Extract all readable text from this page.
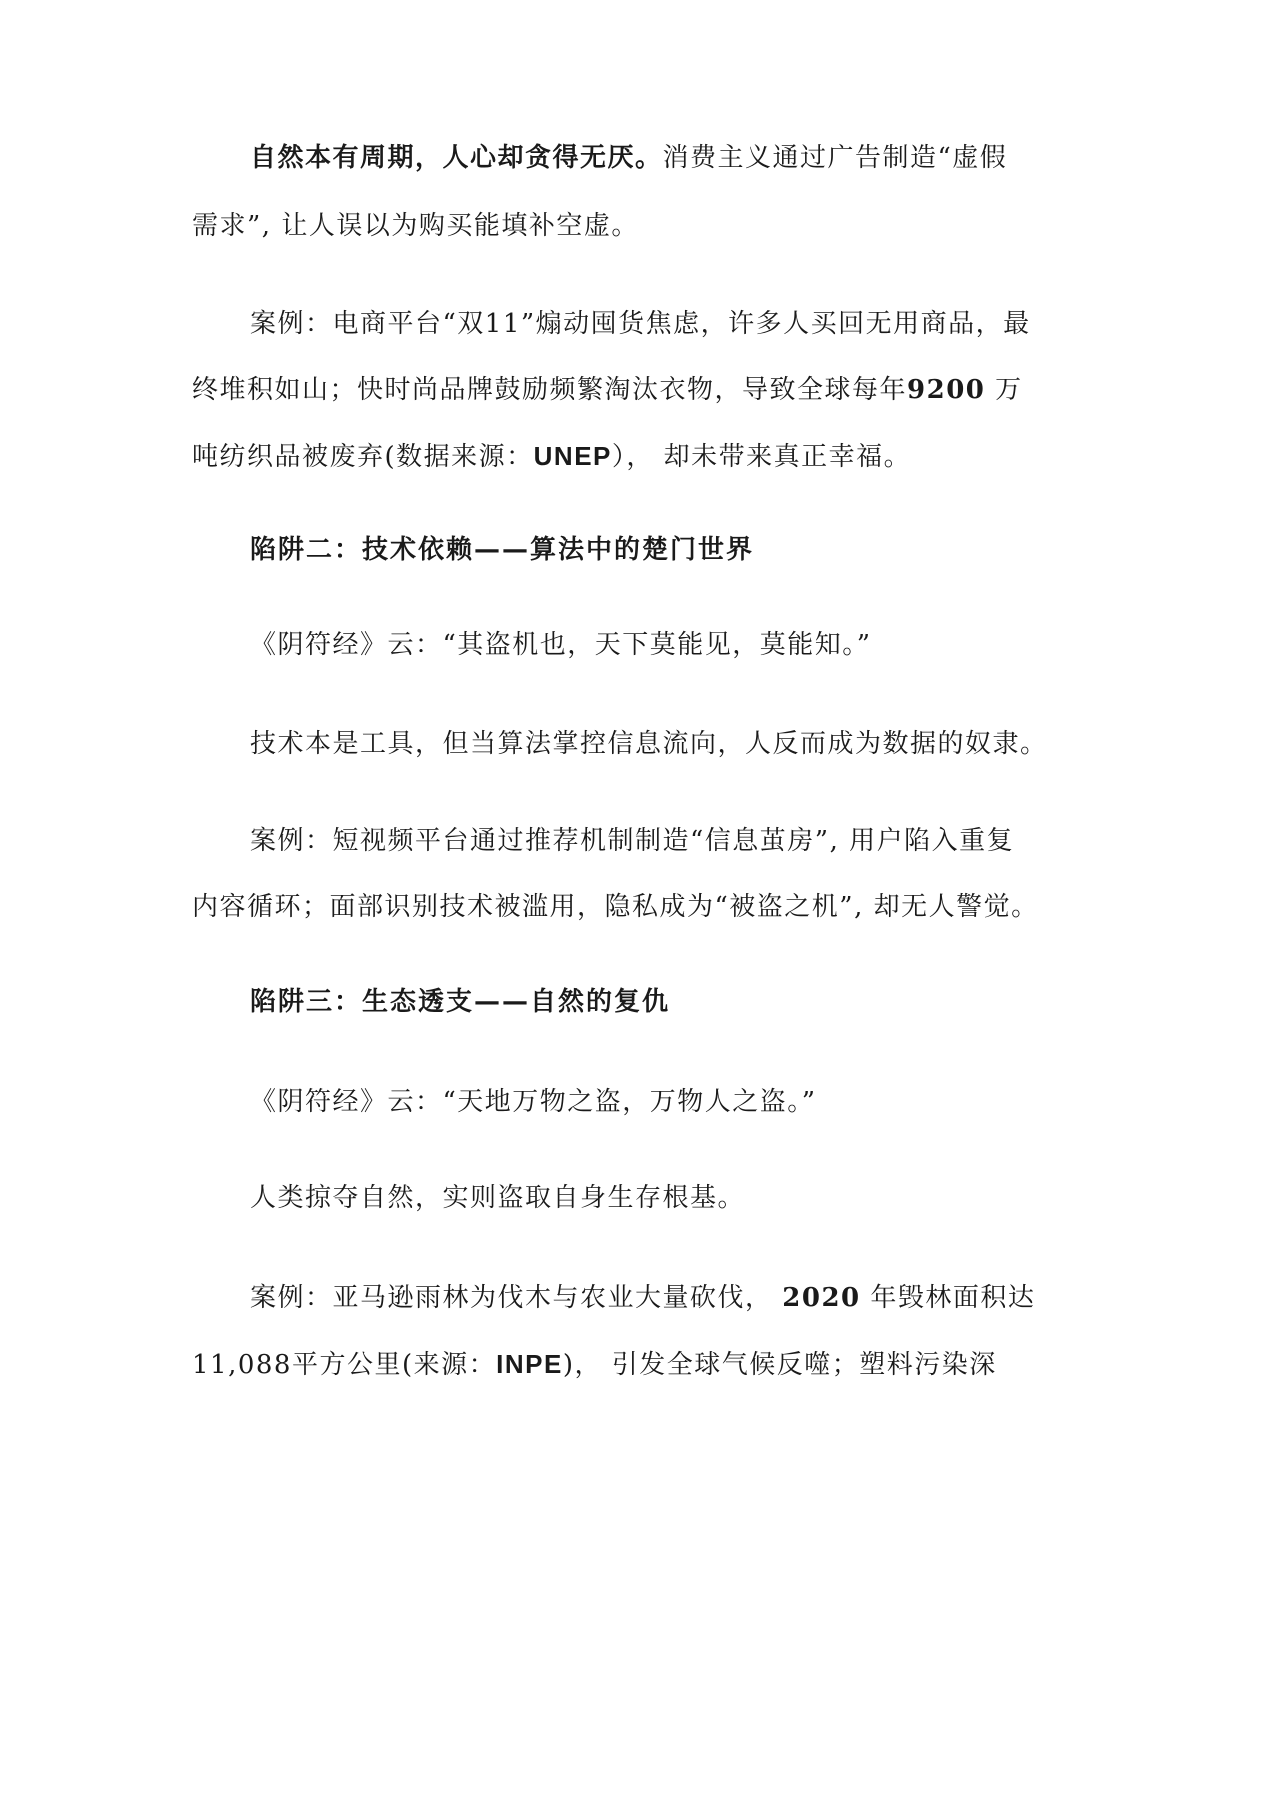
自然本有周期，人心却贪得无厌。消费主义通过广告制造“虚假
需求”, 让人误以为购买能填补空虚。
案例：电商平台“双11”煽动囤货焦虑，许多人买回无用商品，最
终堆积如山；快时尚品牌鼓励频繁淘汰衣物，导致全球每年9200 万
吨纺织品被废弃(数据来源：UNEP）， 却未带来真正幸福。
陷阱二：技术依赖——算法中的楚门世界
《阴符经》云：“其盗机也，天下莫能见，莫能知。”
技术本是工具，但当算法掌控信息流向，人反而成为数据的奴隶。
案例：短视频平台通过推荐机制制造“信息茧房”, 用户陷入重复
内容循环；面部识别技术被滥用，隐私成为“被盗之机”, 却无人警觉。
陷阱三：生态透支——自然的复仇
《阴符经》云：“天地万物之盗，万物人之盗。”
人类掠夺自然，实则盗取自身生存根基。
案例：亚马逊雨林为伐木与农业大量砍伐， 2020 年毁林面积达
11,088平方公里(来源：INPE)， 引发全球气候反噬；塑料污染深
